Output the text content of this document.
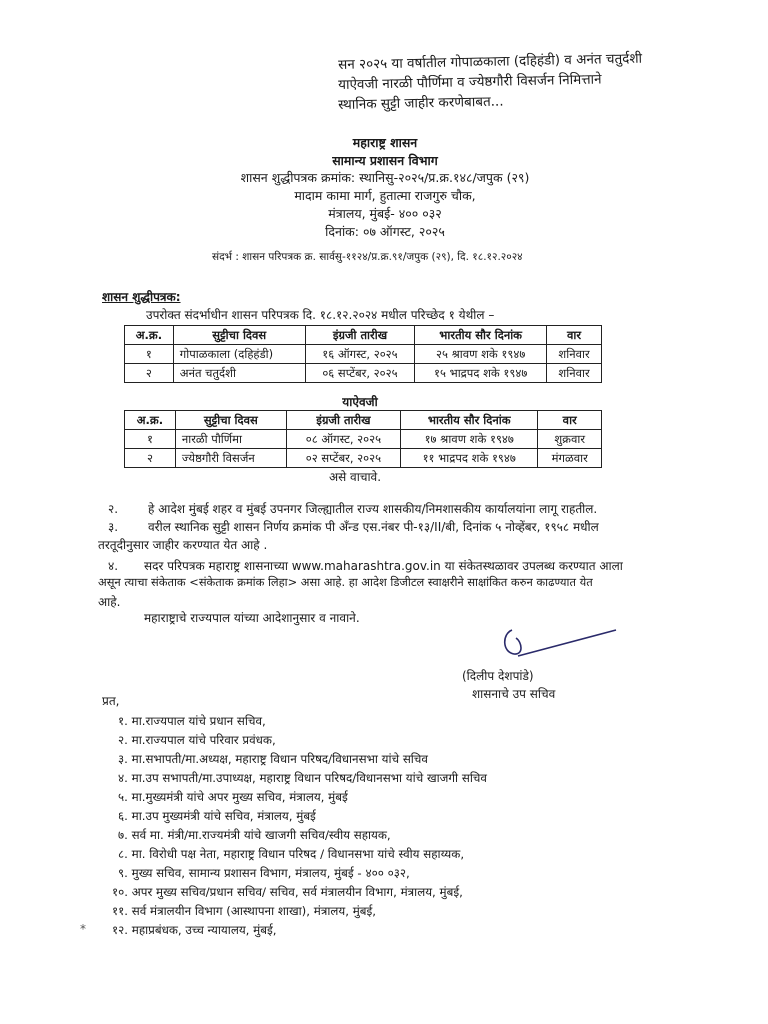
सन २०२५ या वर्षातील गोपाळकाला (दहिहंडी) व अनंत चतुर्दशी
याऐवजी नारळी पौर्णिमा व ज्येष्ठगौरी विसर्जन निमित्ताने
स्थानिक सुट्टी जाहीर करणेबाबत...
महाराष्ट्र शासन
सामान्य प्रशासन विभाग
शासन शुद्धीपत्रक क्रमांक: स्थानिसु-२०२५/प्र.क्र.१४८/जपुक (२९)
मादाम कामा मार्ग, हुतात्मा राजगुरु चौक,
मंत्रालय, मुंबई- ४०० ०३२
दिनांक: ०७ ऑगस्ट, २०२५
संदर्भ : शासन परिपत्रक क्र. सार्वसु-११२४/प्र.क्र.९१/जपुक (२९), दि. १८.१२.२०२४
शासन शुद्धीपत्रक:
उपरोक्त संदर्भाधीन शासन परिपत्रक दि. १८.१२.२०२४ मधील परिच्छेद १ येथील –
अ.क्र.	सुट्टीचा दिवस	इंग्रजी तारीख	भारतीय सौर दिनांक	वार
१	गोपाळकाला (दहिहंडी)	१६ ऑगस्ट, २०२५	२५ श्रावण शके १९४७	शनिवार
२	अनंत चतुर्दशी	०६ सप्टेंबर, २०२५	१५ भाद्रपद शके १९४७	शनिवार
याऐवजी
अ.क्र.	सुट्टीचा दिवस	इंग्रजी तारीख	भारतीय सौर दिनांक	वार
१	नारळी पौर्णिमा	०८ ऑगस्ट, २०२५	१७ श्रावण शके १९४७	शुक्रवार
२	ज्येष्ठगौरी विसर्जन	०२ सप्टेंबर, २०२५	११ भाद्रपद शके १९४७	मंगळवार
असे वाचावे.
२. हे आदेश मुंबई शहर व मुंबई उपनगर जिल्ह्यातील राज्य शासकीय/निमशासकीय कार्यालयांना लागू राहतील.
३. वरील स्थानिक सुट्टी शासन निर्णय क्रमांक पी अँन्ड एस.नंबर पी-१३/II/बी, दिनांक ५ नोव्हेंबर, १९५८ मधील
तरतूदीनुसार जाहीर करण्यात येत आहे .
४. सदर परिपत्रक महाराष्ट्र शासनाच्या www.maharashtra.gov.in या संकेतस्थळावर उपलब्ध करण्यात आला
असून त्याचा संकेताक <संकेताक क्रमांक लिहा> असा आहे. हा आदेश डिजीटल स्वाक्षरीने साक्षांकित करुन काढण्यात येत
आहे.
महाराष्ट्राचे राज्यपाल यांच्या आदेशानुसार व नावाने.
(दिलीप देशपांडे)
शासनाचे उप सचिव
प्रत,
१. मा.राज्यपाल यांचे प्रधान सचिव,
२. मा.राज्यपाल यांचे परिवार प्रवंधक,
३. मा.सभापती/मा.अध्यक्ष, महाराष्ट्र विधान परिषद/विधानसभा यांचे सचिव
४. मा.उप सभापती/मा.उपाध्यक्ष, महाराष्ट्र विधान परिषद/विधानसभा यांचे खाजगी सचिव
५. मा.मुख्यमंत्री यांचे अपर मुख्य सचिव, मंत्रालय, मुंबई
६. मा.उप मुख्यमंत्री यांचे सचिव, मंत्रालय, मुंबई
७. सर्व मा. मंत्री/मा.राज्यमंत्री यांचे खाजगी सचिव/स्वीय सहायक,
८. मा. विरोधी पक्ष नेता, महाराष्ट्र विधान परिषद / विधानसभा यांचे स्वीय सहाय्यक,
९. मुख्य सचिव, सामान्य प्रशासन विभाग, मंत्रालय, मुंबई - ४०० ०३२,
१०. अपर मुख्य सचिव/प्रधान सचिव/ सचिव, सर्व मंत्रालयीन विभाग, मंत्रालय, मुंबई,
११. सर्व मंत्रालयीन विभाग (आस्थापना शाखा), मंत्रालय, मुंबई,
१२. महाप्रबंधक, उच्च न्यायालय, मुंबई,
*
